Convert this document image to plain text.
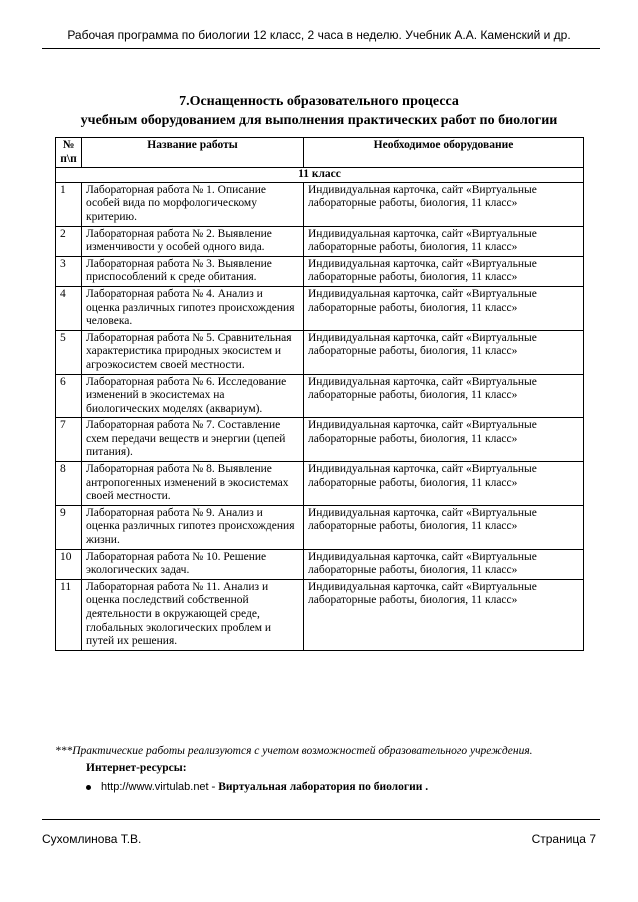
Рабочая программа по биологии 12 класс, 2 часа в неделю. Учебник А.А. Каменский и др.
7.Оснащенность образовательного процесса
учебным оборудованием для выполнения практических работ по биологии
№ п\п	Название работы	Необходимое оборудование
11 класс		
1	Лабораторная работа № 1. Описание особей вида по морфологическому критерию.	Индивидуальная карточка, сайт «Виртуальные лабораторные работы, биология, 11 класс»
2	Лабораторная работа № 2. Выявление изменчивости у особей одного вида.	Индивидуальная карточка, сайт «Виртуальные лабораторные работы, биология, 11 класс»
3	Лабораторная работа № 3. Выявление приспособлений к среде обитания.	Индивидуальная карточка, сайт «Виртуальные лабораторные работы, биология, 11 класс»
4	Лабораторная работа № 4. Анализ и оценка различных гипотез происхождения человека.	Индивидуальная карточка, сайт «Виртуальные лабораторные работы, биология, 11 класс»
5	Лабораторная работа № 5. Сравнительная характеристика природных экосистем и агроэкосистем своей местности.	Индивидуальная карточка, сайт «Виртуальные лабораторные работы, биология, 11 класс»
6	Лабораторная работа № 6. Исследование изменений в экосистемах на биологических моделях (аквариум).	Индивидуальная карточка, сайт «Виртуальные лабораторные работы, биология, 11 класс»
7	Лабораторная работа № 7. Составление схем передачи веществ и энергии (цепей питания).	Индивидуальная карточка, сайт «Виртуальные лабораторные работы, биология, 11 класс»
8	Лабораторная работа № 8. Выявление антропогенных изменений в экосистемах своей местности.	Индивидуальная карточка, сайт «Виртуальные лабораторные работы, биология, 11 класс»
9	Лабораторная работа № 9. Анализ и оценка различных гипотез происхождения жизни.	Индивидуальная карточка, сайт «Виртуальные лабораторные работы, биология, 11 класс»
10	Лабораторная работа № 10. Решение экологических задач.	Индивидуальная карточка, сайт «Виртуальные лабораторные работы, биология, 11 класс»
11	Лабораторная работа № 11. Анализ и оценка последствий собственной деятельности в окружающей среде, глобальных экологических проблем и путей их решения.	Индивидуальная карточка, сайт «Виртуальные лабораторные работы, биология, 11 класс»
***Практические работы реализуются с учетом возможностей образовательного учреждения.
Интернет-ресурсы:
http://www.virtulab.net - Виртуальная лаборатория по биологии .
Сухомлинова Т.В.	Страница 7
